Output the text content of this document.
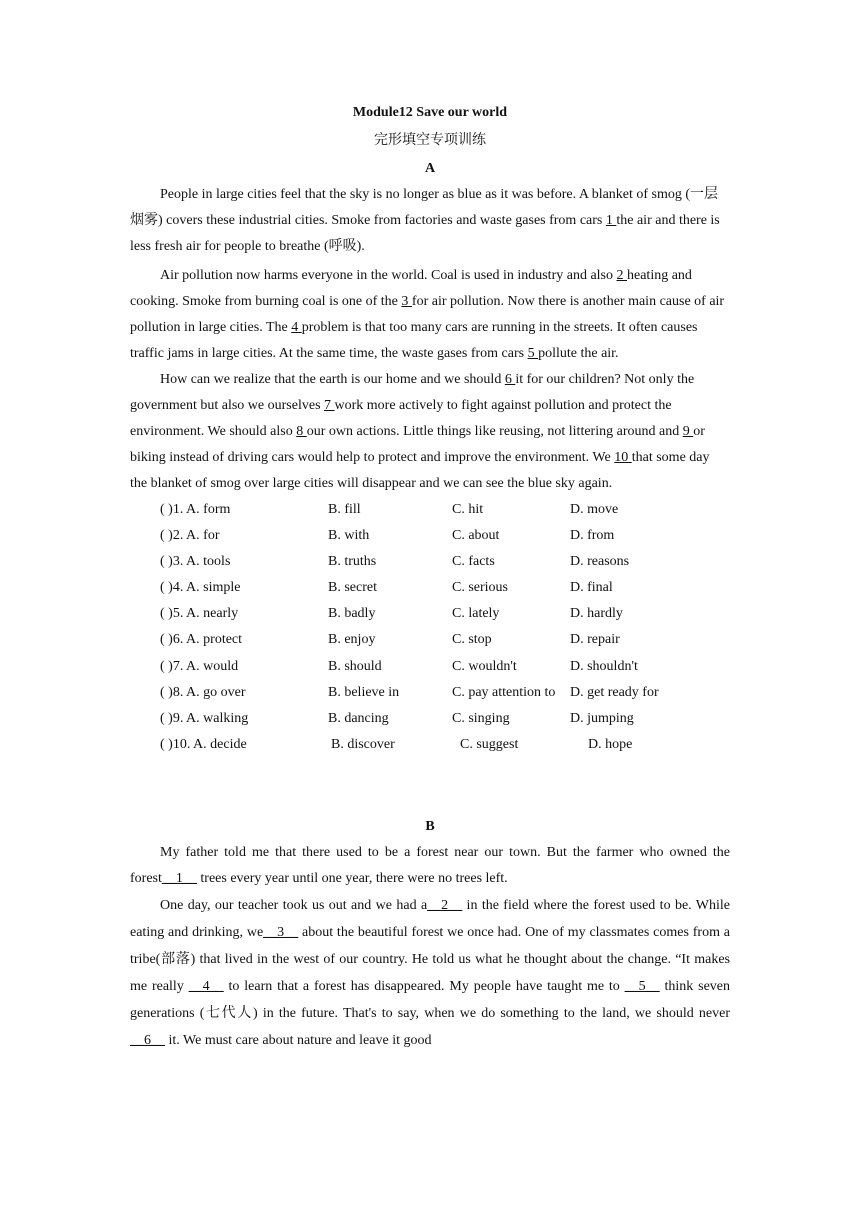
Module12 Save our world
完形填空专项训练
A

People in large cities feel that the sky is no longer as blue as it was before. A blanket of smog (一层烟雾) covers these industrial cities. Smoke from factories and waste gases from cars 1 the air and there is less fresh air for people to breathe (呼吸).

Air pollution now harms everyone in the world. Coal is used in industry and also 2 heating and cooking. Smoke from burning coal is one of the 3 for air pollution. Now there is another main cause of air pollution in large cities. The 4 problem is that too many cars are running in the streets. It often causes traffic jams in large cities. At the same time, the waste gases from cars 5 pollute the air.

How can we realize that the earth is our home and we should 6 it for our children? Not only the government but also we ourselves 7 work more actively to fight against pollution and protect the environment. We should also 8 our own actions. Little things like reusing, not littering around and 9 or biking instead of driving cars would help to protect and improve the environment. We 10 that some day the blanket of smog over large cities will disappear and we can see the blue sky again.

( )1. A. form	B. fill	C. hit	D. move
( )2. A. for	B. with	C. about	D. from
( )3. A. tools	B. truths	C. facts	D. reasons
( )4. A. simple	B. secret	C. serious	D. final
( )5. A. nearly	B. badly	C. lately	D. hardly
( )6. A. protect	B. enjoy	C. stop	D. repair
( )7. A. would	B. should	C. wouldn't	D. shouldn't
( )8. A. go over	B. believe in	C. pay attention to D. get ready for
( )9. A. walking	B. dancing	C. singing	D. jumping
( )10. A. decide	B. discover	C. suggest	D. hope
B

My father told me that there used to be a forest near our town. But the farmer who owned the forest__1__ trees every year until one year, there were no trees left.

One day, our teacher took us out and we had a__2__ in the field where the forest used to be. While eating and drinking, we__3__ about the beautiful forest we once had. One of my classmates comes from a tribe(部落) that lived in the west of our country. He told us what he thought about the change. “It makes me really __4__ to learn that a forest has disappeared. My people have taught me to __5__ think seven generations (七代人) in the future. That's to say, when we do something to the land, we should never __6__ it. We must care about nature and leave it good
